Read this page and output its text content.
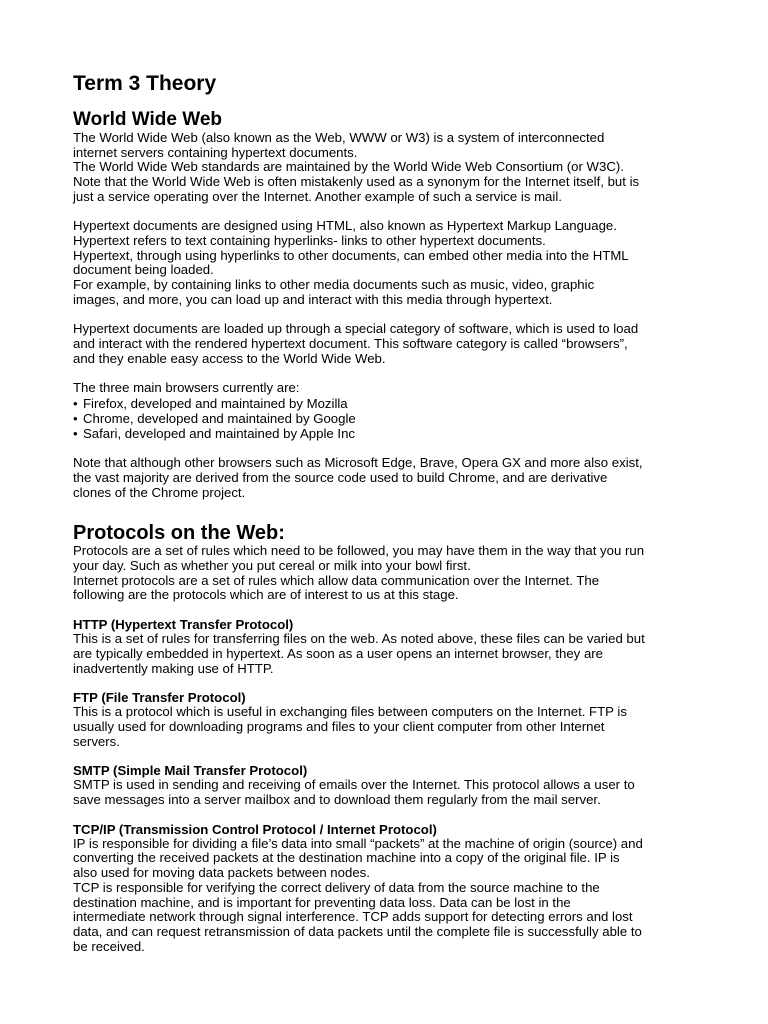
Term 3 Theory
World Wide Web

The World Wide Web (also known as the Web, WWW or W3) is a system of interconnected
internet servers containing hypertext documents.
The World Wide Web standards are maintained by the World Wide Web Consortium (or W3C).
Note that the World Wide Web is often mistakenly used as a synonym for the Internet itself, but is
just a service operating over the Internet. Another example of such a service is mail.

Hypertext documents are designed using HTML, also known as Hypertext Markup Language.
Hypertext refers to text containing hyperlinks- links to other hypertext documents.
Hypertext, through using hyperlinks to other documents, can embed other media into the HTML
document being loaded.
For example, by containing links to other media documents such as music, video, graphic
images, and more, you can load up and interact with this media through hypertext.

Hypertext documents are loaded up through a special category of software, which is used to load
and interact with the rendered hypertext document. This software category is called “browsers”,
and they enable easy access to the World Wide Web.

The three main browsers currently are:

• Firefox, developed and maintained by Mozilla
• Chrome, developed and maintained by Google
• Safari, developed and maintained by Apple Inc

Note that although other browsers such as Microsoft Edge, Brave, Opera GX and more also exist,
the vast majority are derived from the source code used to build Chrome, and are derivative
clones of the Chrome project.

Protocols on the Web:

Protocols are a set of rules which need to be followed, you may have them in the way that you run
your day. Such as whether you put cereal or milk into your bowl first.
Internet protocols are a set of rules which allow data communication over the Internet. The
following are the protocols which are of interest to us at this stage.

HTTP (Hypertext Transfer Protocol)

This is a set of rules for transferring files on the web. As noted above, these files can be varied but
are typically embedded in hypertext. As soon as a user opens an internet browser, they are
inadvertently making use of HTTP.

FTP (File Transfer Protocol)

This is a protocol which is useful in exchanging files between computers on the Internet. FTP is
usually used for downloading programs and files to your client computer from other Internet
servers.

SMTP (Simple Mail Transfer Protocol)

SMTP is used in sending and receiving of emails over the Internet. This protocol allows a user to
save messages into a server mailbox and to download them regularly from the mail server.

TCP/IP (Transmission Control Protocol / Internet Protocol)

IP is responsible for dividing a file’s data into small “packets” at the machine of origin (source) and
converting the received packets at the destination machine into a copy of the original file. IP is
also used for moving data packets between nodes.
TCP is responsible for verifying the correct delivery of data from the source machine to the
destination machine, and is important for preventing data loss. Data can be lost in the
intermediate network through signal interference. TCP adds support for detecting errors and lost
data, and can request retransmission of data packets until the complete file is successfully able to
be received.
